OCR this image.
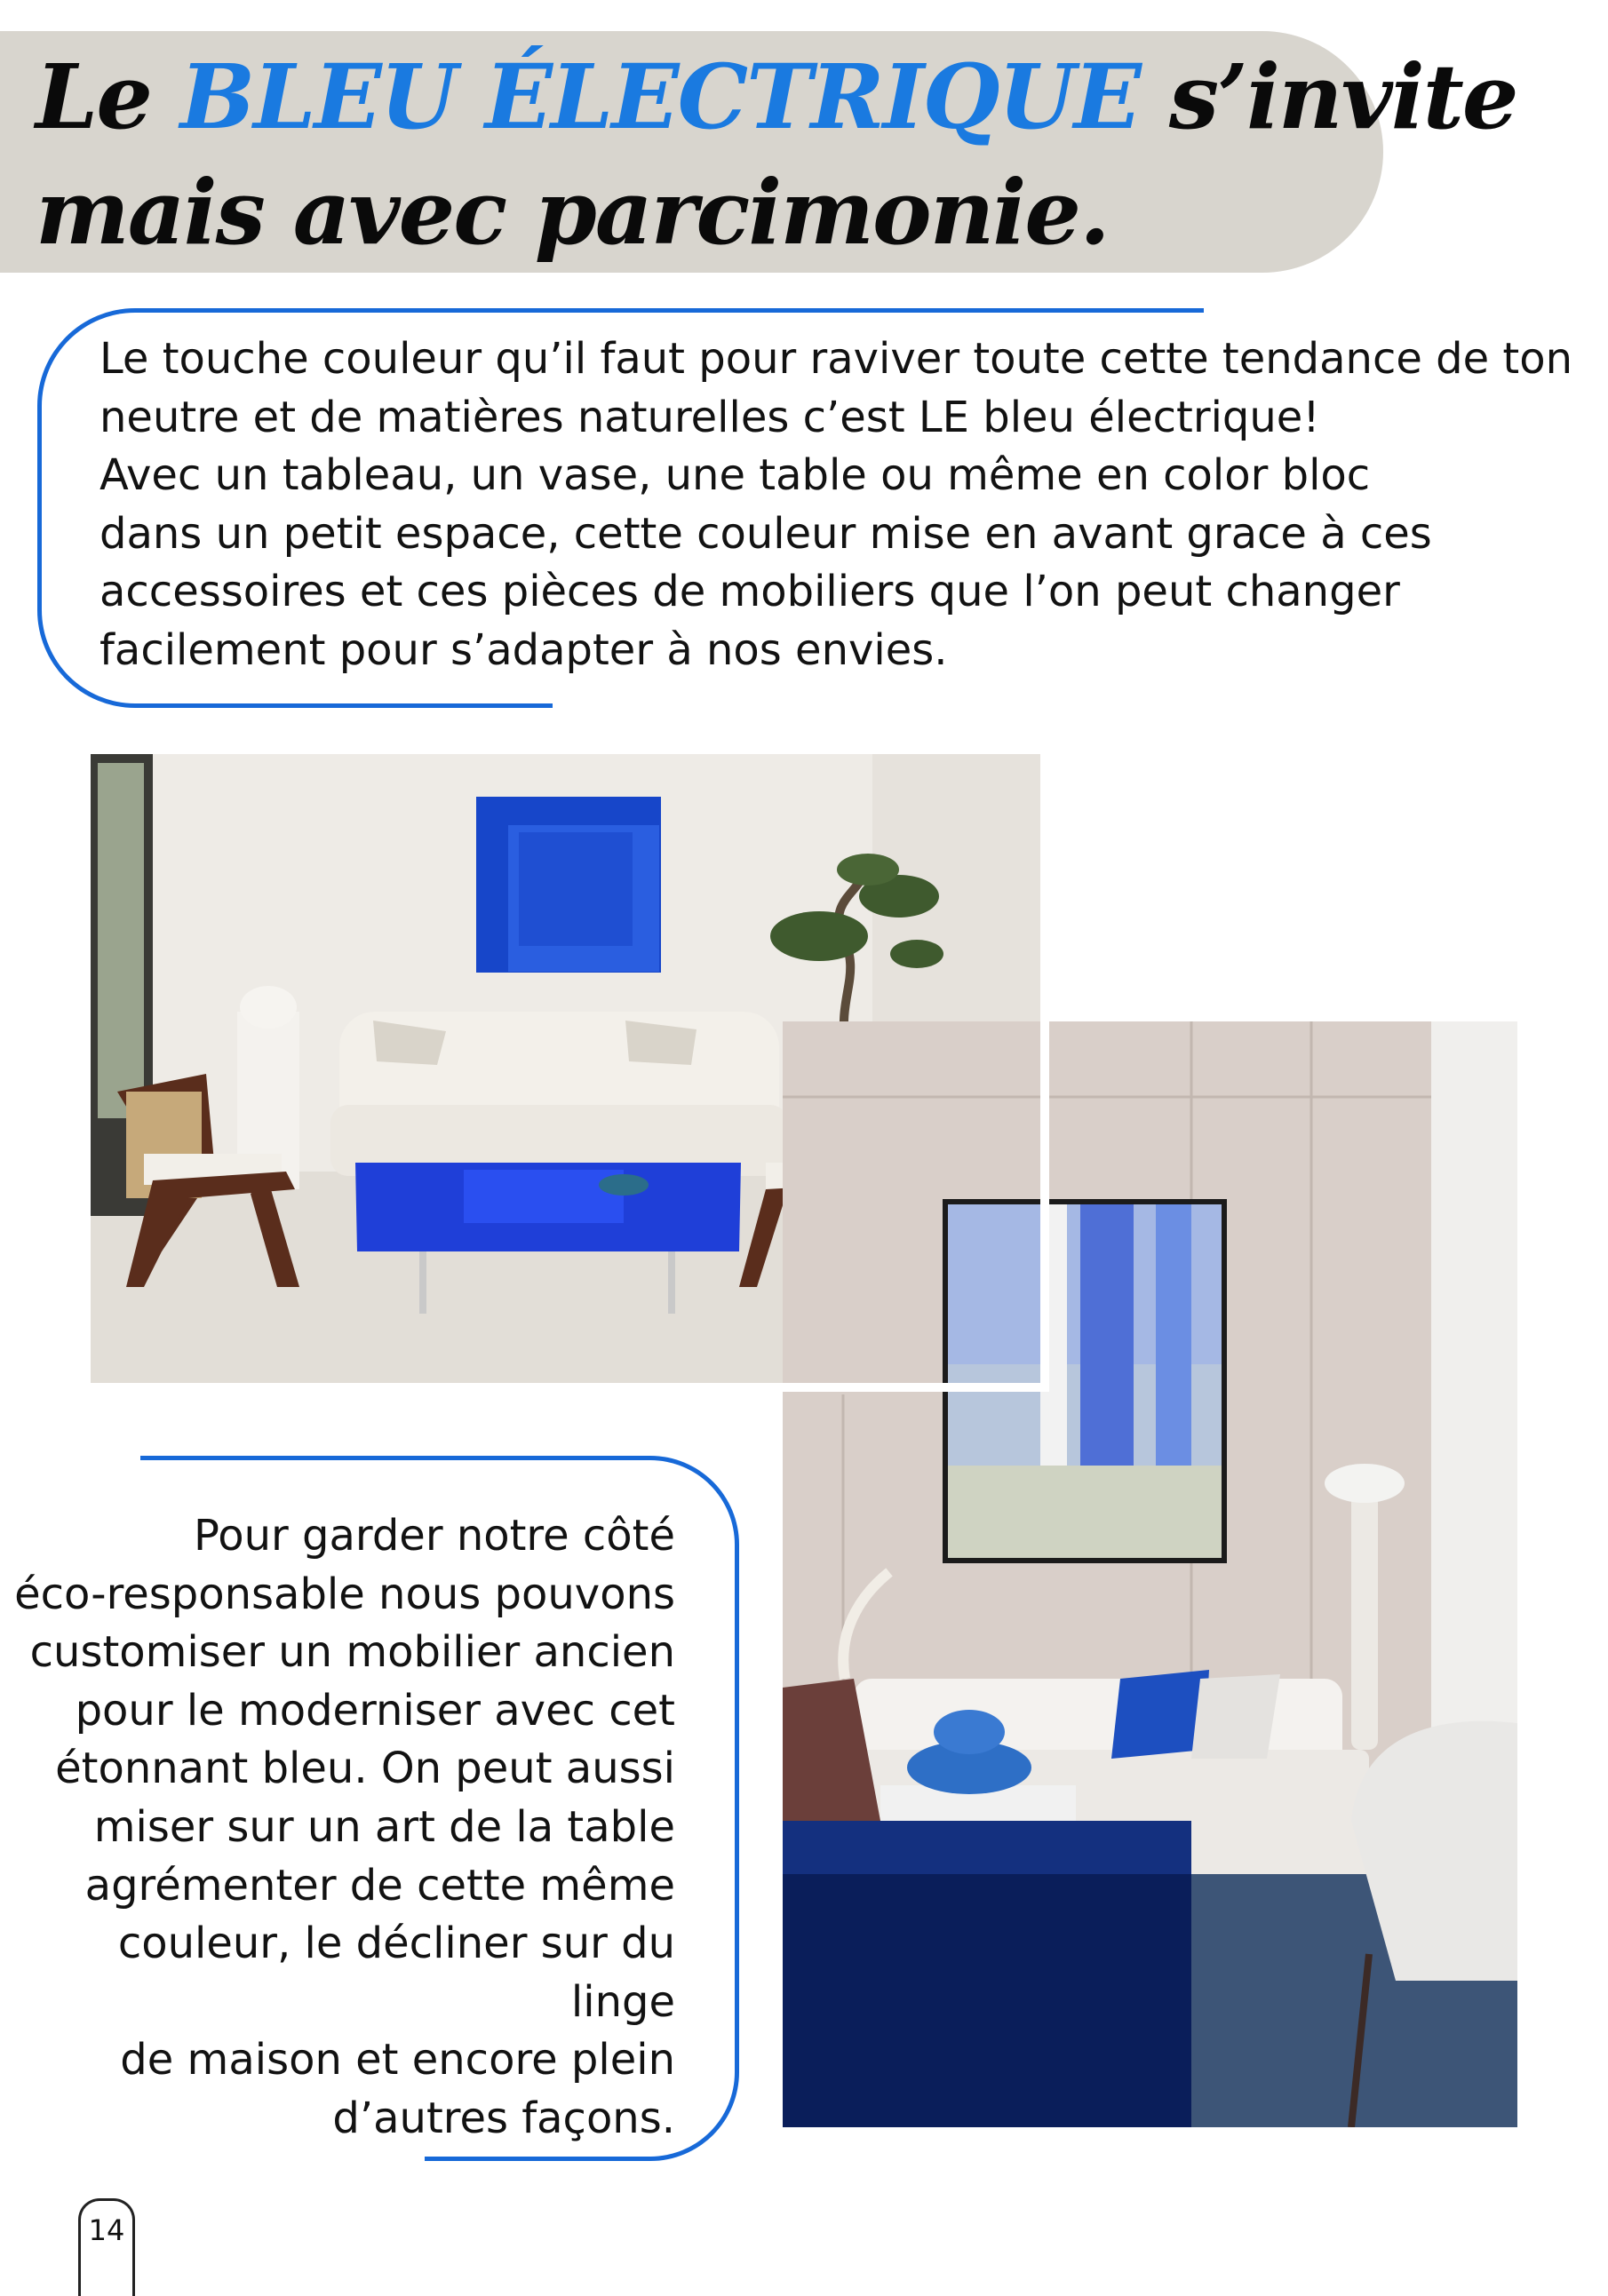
Le BLEU ÉLECTRIQUE s’invite
mais avec parcimonie.

Le touche couleur qu’il faut pour raviver toute cette tendance de ton
neutre et de matières naturelles c’est LE bleu électrique!
Avec un tableau, un vase, une table ou même en color bloc
dans un petit espace, cette couleur mise en avant grace à ces
accessoires et ces pièces de mobiliers que l’on peut changer
facilement pour s’adapter à nos envies.

Pour garder notre côté
éco-responsable nous pouvons
customiser un mobilier ancien
pour le moderniser avec cet
étonnant bleu. On peut aussi
miser sur un art de la table
agrémenter de cette même
couleur, le décliner sur du linge
de maison et encore plein
d’autres façons.

14
